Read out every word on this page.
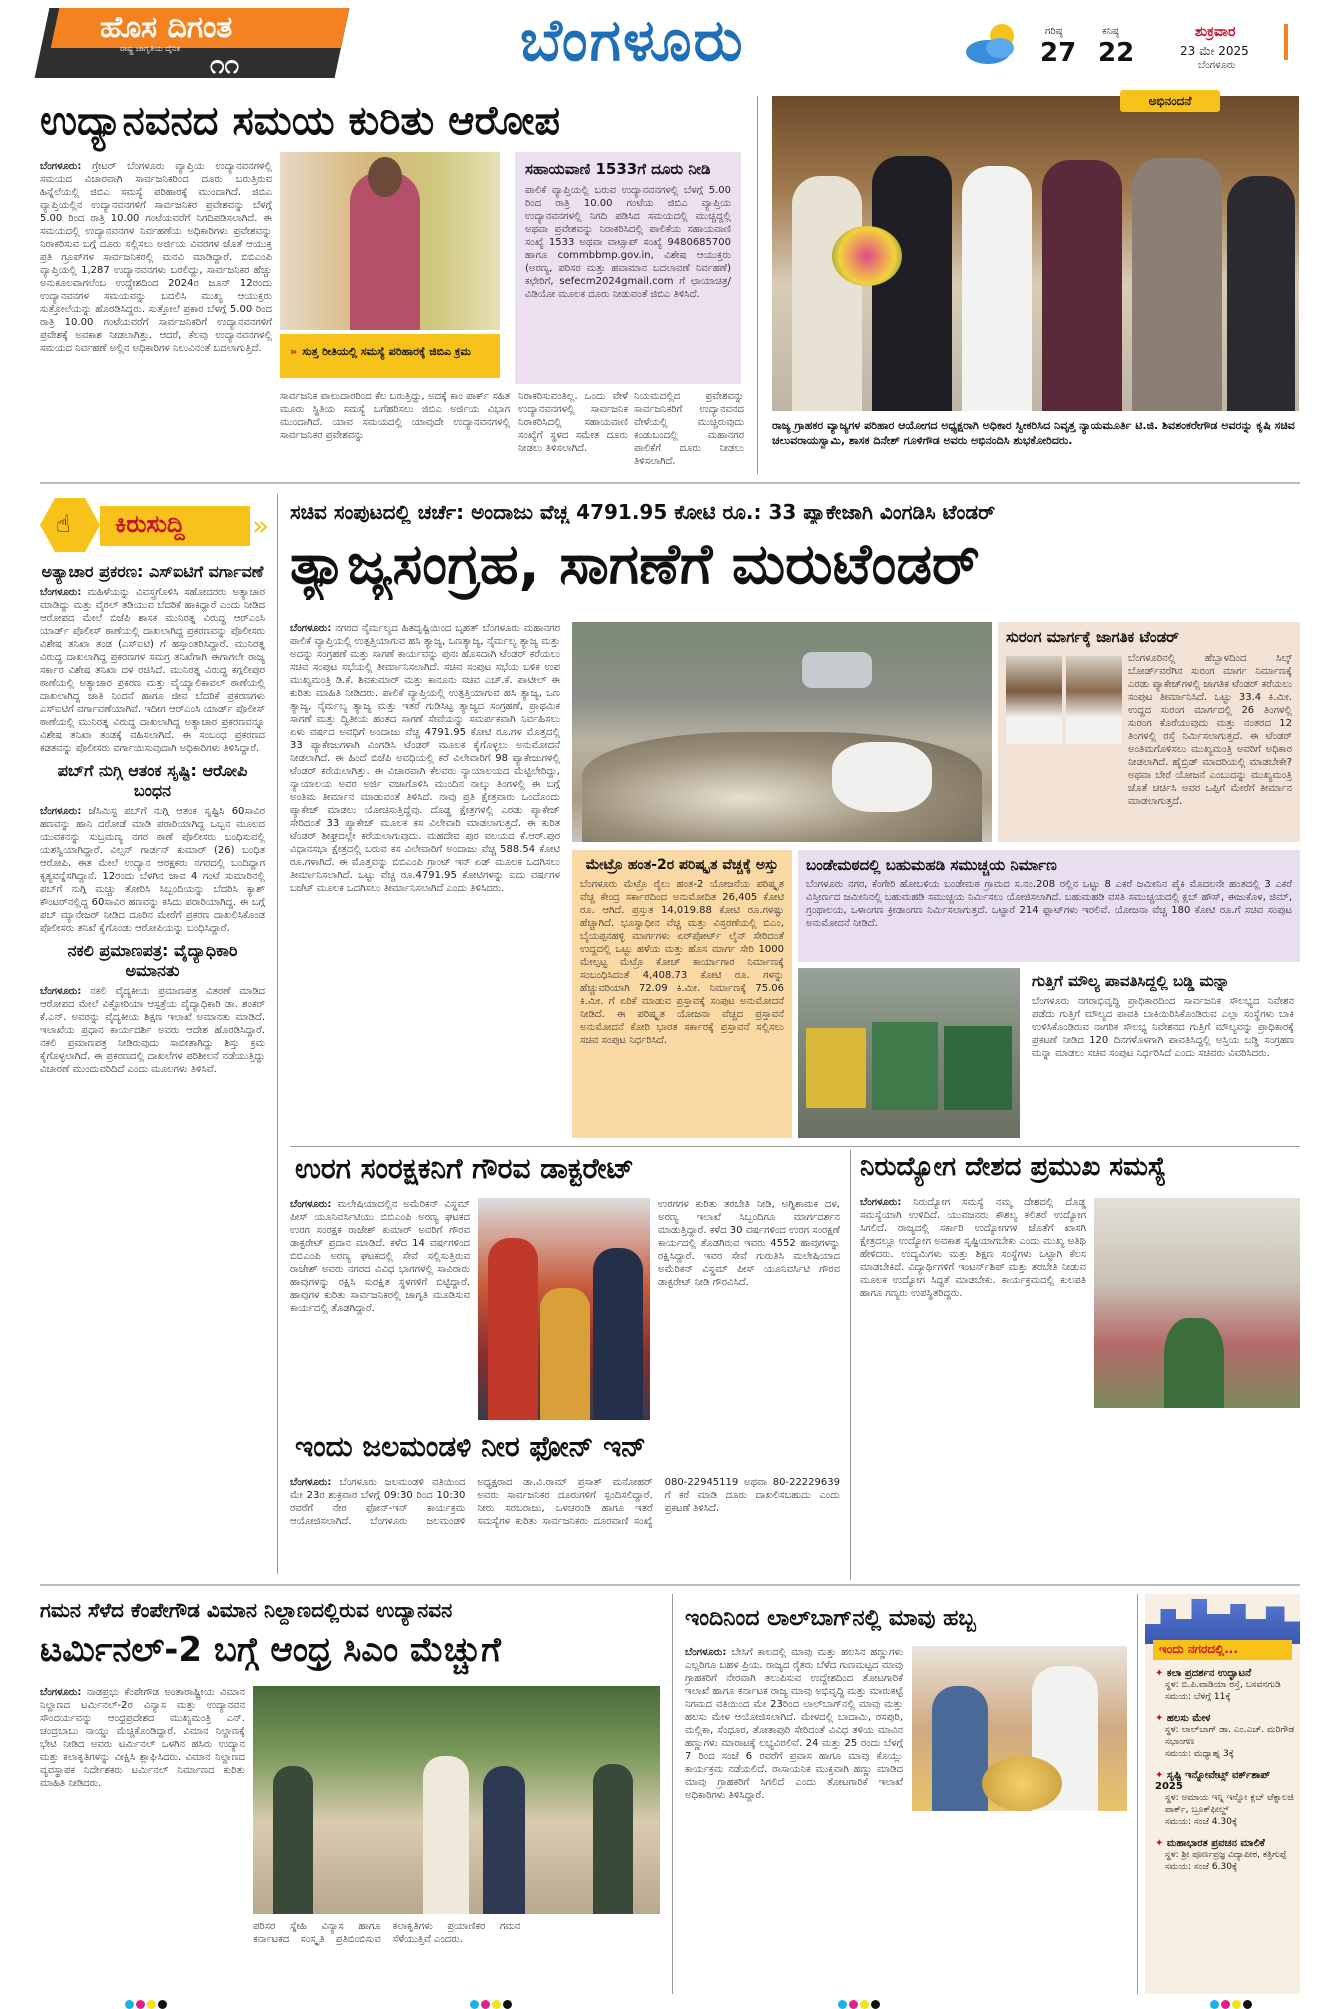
ಹೊಸ ದಿಗಂತ
ರಾಷ್ಟ್ರ ಜಾಗೃತಿಯ ದೈನಿಕ
೧೧	ಬೆಂಗಳೂರು	ಗರಿಷ್ಠ
27
ಕನಿಷ್ಠ
22
ಶುಕ್ರವಾರ
23 ಮೇ 2025
ಬೆಂಗಳೂರು
ಉದ್ಯಾನವನದ ಸಮಯ ಕುರಿತು ಆರೋಪ
ಬೆಂಗಳೂರು: ಗ್ರೇಟರ್ ಬೆಂಗಳೂರು ವ್ಯಾಪ್ತಿಯ ಉದ್ಯಾನವನಗಳಲ್ಲಿ ಸಮಯದ ವಿಚಾರವಾಗಿ ಸಾರ್ವಜನಿಕರಿಂದ ದೂರು ಬರುತ್ತಿರುವ ಹಿನ್ನೆಲೆಯಲ್ಲಿ ಜಿಬಿಎ ಸಮಸ್ಯೆ ಪರಿಹಾರಕ್ಕೆ ಮುಂದಾಗಿದೆ. ಜಿಬಿಎ ವ್ಯಾಪ್ತಿಯಲ್ಲಿನ ಉದ್ಯಾನವನಗಳಿಗೆ ಸಾರ್ವಜನಿಕರ ಪ್ರವೇಶವನ್ನು ಬೆಳಗ್ಗೆ 5.00 ರಿಂದ ರಾತ್ರಿ 10.00 ಗಂಟೆಯವರೆಗೆ ನಿಗದಿಪಡಿಸಲಾಗಿದೆ. ಈ ಸಮಯದಲ್ಲಿ ಉದ್ಯಾನವನಗಳ ನಿರ್ವಹಣೆಯ ಅಧಿಕಾರಿಗಳು ಪ್ರವೇಶವನ್ನು ನಿರಾಕರಿಸುವ ಬಗ್ಗೆ ದೂರು ಸಲ್ಲಿಸಲು ಅರ್ಜಿಯ ವಿವರಗಳ ಜೊತೆ ಆಯುಕ್ತ ಪ್ರತಿ ಗ್ರೂಪ್‌ಗಳ ಸಾರ್ವಜನಿಕರಲ್ಲಿ ಮನವಿ ಮಾಡಿದ್ದಾರೆ. ಬಿಬಿಎಂಪಿ ವ್ಯಾಪ್ತಿಯಲ್ಲಿ 1,287 ಉದ್ಯಾನವನಗಳು ಬರಲಿದ್ದು, ಸಾರ್ವಜನಿಕರ ಹೆಚ್ಚು ಅನುಕೂಲವಾಗಲೆಂಬ ಉದ್ದೇಶದಿಂದ 2024ರ ಜೂನ್ 12ರಂದು ಉದ್ಯಾನವನಗಳ ಸಮಯವನ್ನು ಬದಲಿಸಿ ಮುಖ್ಯ ಆಯುಕ್ತರು ಸುತ್ತೋಲೆಯನ್ನು ಹೊರಡಿಸಿದ್ದರು. ಸುತ್ತೋಲೆ ಪ್ರಕಾರ ಬೆಳಗ್ಗೆ 5.00 ರಿಂದ ರಾತ್ರಿ 10.00 ಗಂಟೆಯವರೆಗೆ ಸಾರ್ವಜನಿಕರಿಗೆ ಉದ್ಯಾನವನಗಳಿಗೆ ಪ್ರವೇಶಕ್ಕೆ ಅವಕಾಶ ನೀಡಲಾಗಿತ್ತು. ಆದರೆ, ಕೆಲವು ಉದ್ಯಾನವನಗಳಲ್ಲಿ ಸಮಯದ ನಿರ್ವಹಣೆ ಅಲ್ಲಿನ ಅಧಿಕಾರಿಗಳ ನಿಲುವಿನಂತೆ ಬದಲಾಗುತ್ತಿದೆ.	» ಸುತ್ತ ರೀತಿಯಲ್ಲಿ ಸಮಸ್ಯೆ ಪರಿಹಾರಕ್ಕೆ ಜಿಬಿಎ ಕ್ರಮ
ಸಹಾಯವಾಣಿ 1533ಗೆ ದೂರು ನೀಡಿ
ಪಾಲಿಕೆ ವ್ಯಾಪ್ತಿಯಲ್ಲಿ ಬರುವ ಉದ್ಯಾನವನಗಳಲ್ಲಿ ಬೆಳಗ್ಗೆ 5.00 ರಿಂದ ರಾತ್ರಿ 10.00 ಗಂಟೆಯ ಜಿಬಿಎ ವ್ಯಾಪ್ತಿಯ ಉದ್ಯಾನವನಗಳಲ್ಲಿ ನಿಗದಿ ಪಡಿಸಿದ ಸಮಯದಲ್ಲಿ ಮುಚ್ಚಿದ್ದಲ್ಲಿ ಅಥವಾ ಪ್ರವೇಶವನ್ನು ನಿರಾಕರಿಸಿದಲ್ಲಿ ಪಾಲಿಕೆಯ ಸಹಾಯವಾಣಿ ಸಂಖ್ಯೆ 1533 ಅಥವಾ ವಾಟ್ಸಾಪ್ ಸಂಖ್ಯೆ 9480685700 ಹಾಗೂ commbbmp.gov.in, ವಿಶೇಷ ಆಯುಕ್ತರು (ಅರಣ್ಯ, ಪರಿಸರ ಮತ್ತು ಹವಾಮಾನ ಬದಲಾವಣೆ ನಿರ್ವಹಣೆ) ಕಛೇರಿಗೆ, sefecm2024gmail.com ಗೆ ಛಾಯಾಚಿತ್ರ/ವಿಡಿಯೋ ಮೂಲಕ ದೂರು ನೀಡುವಂತೆ ಜಿಬಿಎ ತಿಳಿಸಿದೆ.
ಸಾರ್ವಜನಿಕ ಪಾಲುದಾರರಿಂದ ಕೆಲ ಬರುತ್ತಿದ್ದು, ಅದಕ್ಕೆ ಕಾಂ ಪಾರ್ಕ್ ಸಹಿತ ಮೂರು ಸ್ಥಿತಿಯ ಸಮಸ್ಯೆ ಬಗೆಹರಿಸಲು ಜಿಬಿಎ ಅರ್ಜಿಯ ವಿಭಾಗ ಮುಂದಾಗಿದೆ. ಯಾವ ಸಮಯದಲ್ಲಿ ಯಾವುದೇ ಉದ್ಯಾನವನಗಳಲ್ಲಿ ಸಾರ್ವಜನಿಕರ ಪ್ರವೇಶವನ್ನು
ನಿರಾಕರಿಸುವಂತಿಲ್ಲ. ಒಂದು ವೇಳೆ ಉದ್ಯಾನವನಗಳಲ್ಲಿ ಸಾರ್ವಜನಿಕ ನಿರಾಕರಿಸಿದಲ್ಲಿ ಸಹಾಯವಾಣಿ ಸಂಖ್ಯೆಗೆ ಸ್ಥಳದ ಸಮೇತ ದೂರು ನೀಡಲು ತಿಳಿಸಲಾಗಿದೆ.
ನಿಯಮದಲ್ಲಿದ ಪ್ರವೇಶವನ್ನು ಸಾರ್ವಜನಿಕರಿಗೆ ಉದ್ಯಾನವನದ ವೇಳೆಯಲ್ಲಿ ಮುಚ್ಚಿರುವುದು ಕಂಡುಬಂದಲ್ಲಿ ಮಹಾನಗರ ಪಾಲಿಕೆಗೆ ದೂರು ನೀಡಲು ತಿಳಿಸಲಾಗಿದೆ.
ಅಭಿನಂದನೆ
ರಾಜ್ಯ ಗ್ರಾಹಕರ ವ್ಯಾಜ್ಯಗಳ ಪರಿಹಾರ ಆಯೋಗದ ಅಧ್ಯಕ್ಷರಾಗಿ ಅಧಿಕಾರ ಸ್ವೀಕರಿಸಿದ ನಿವೃತ್ತ ನ್ಯಾಯಮೂರ್ತಿ ಟಿ.ಜಿ. ಶಿವಶಂಕರೇಗೌಡ ಅವರನ್ನು ಕೃಷಿ ಸಚಿವ ಚಲುವರಾಯಸ್ವಾಮಿ, ಶಾಸಕ ದಿನೇಶ್ ಗೂಳಿಗೌಡ ಅವರು ಅಭಿನಂದಿಸಿ ಶುಭಕೋರಿದರು.
☝ ಕಿರುಸುದ್ದಿ »
ಅತ್ಯಾಚಾರ ಪ್ರಕರಣ: ಎಸ್‌ಐಟಿಗೆ ವರ್ಗಾವಣೆ
ಬೆಂಗಳೂರು: ಮಹಿಳೆಯನ್ನು ವಿವಸ್ತ್ರಗೊಳಿಸಿ ಸಹೋದರರು ಅತ್ಯಾಚಾರ ಮಾಡಿದ್ದು ಮತ್ತು ವೈರಲ್ ತಡಿಯುವ ಬೆದರಿಕೆ ಹಾಕಿದ್ದಾರೆ ಎಂದು ನೀಡಿದ ಆರೋಪದ ಮೇಲೆ ಬಿಜೆಪಿ ಶಾಸಕ ಮುನಿರತ್ನ ವಿರುದ್ಧ ಆರ್‌ಎಂಸಿ ಯಾರ್ಡ್ ಪೊಲೀಸ್ ಠಾಣೆಯಲ್ಲಿ ದಾಖಲಾಗಿದ್ದ ಪ್ರಕರಣವನ್ನು ಪೊಲೀಸರು ವಿಶೇಷ ತನಿಖಾ ತಂಡ (ಎಸ್‌ಐಟಿ) ಗೆ ಹಸ್ತಾಂತರಿಸಿದ್ದಾರೆ. ಮುನಿರತ್ನ ವಿರುದ್ಧ ದಾಖಲಾಗಿದ್ದ ಪ್ರಕರಣಗಳ ಸಮಗ್ರ ತನಿಖೆಗಾಗಿ ಈಗಾಗಲೇ ರಾಜ್ಯ ಸರ್ಕಾರ ವಿಶೇಷ ತನಿಖಾ ದಳ ರಚಿಸಿದೆ. ಮುನಿರತ್ನ ವಿರುದ್ಧ ಕಗ್ಗಲೀಪುರ ಠಾಣೆಯಲ್ಲಿ ಅತ್ಯಾಚಾರ ಪ್ರಕರಣ ಮತ್ತು ವೈಯ್ಯಾಲಿಕಾವಲ್ ಠಾಣೆಯಲ್ಲಿ ದಾಖಲಾಗಿದ್ದ ಜಾತಿ ನಿಂದನೆ ಹಾಗೂ ಜೀವ ಬೆದರಿಕೆ ಪ್ರಕರಣಗಳು ಎಸ್‌ಐಟಿಗೆ ವರ್ಗಾವಣೆಯಾಗಿವೆ. ಇದೀಗ ಆರ್‌ಎಂಸಿ ಯಾರ್ಡ್ ಪೊಲೀಸ್ ಠಾಣೆಯಲ್ಲಿ ಮುನಿರತ್ನ ವಿರುದ್ಧ ದಾಖಲಾಗಿದ್ದ ಅತ್ಯಾಚಾರ ಪ್ರಕರಣವನ್ನೂ ವಿಶೇಷ ತನಿಖಾ ತಂಡಕ್ಕೆ ವಹಿಸಲಾಗಿದೆ. ಈ ಸಂಬಂಧ ಪ್ರಕರಣದ ಕಡತವನ್ನು ಪೊಲೀಸರು ವರ್ಗಾಯಿಸುವುದಾಗಿ ಅಧಿಕಾರಿಗಳು ತಿಳಿಸಿದ್ದಾರೆ.
ಪಬ್‌ಗೆ ನುಗ್ಗಿ ಆತಂಕ ಸೃಷ್ಟಿ: ಆರೋಪಿ ಬಂಧನ
ಬೆಂಗಳೂರು: ಜೆಸಿಮಿಸ್ಟ ಪಬ್‌ಗೆ ನುಗ್ಗಿ ಆತಂಕ ಸೃಷ್ಟಿಸಿ 60ಸಾವಿರ ಹಣವನ್ನು ಹಾನಿ ದರೋಡೆ ಮಾಡಿ ಪರಾರಿಯಾಗಿದ್ದ ಒಬ್ಬನ ಮೂಲದ ಯುವಕನನ್ನು ಸುಬ್ರಮಣ್ಯ ನಗರ ಠಾಣೆ ಪೊಲೀಸರು ಬಂಧಿಸುವಲ್ಲಿ ಯಶಸ್ವಿಯಾಗಿದ್ದಾರೆ. ವಿಲ್ಸನ್ ಗಾರ್ಡನ್ ಕುಮಾರ್ (26) ಬಂಧಿತ ಆರೋಪಿ. ಈತ ಮೇಲೆ ಉದ್ಯಾನ ಆರಕ್ಷಕರು ನಗರದಲ್ಲಿ ಬಂದಿದ್ದಾಗ ಕೃತ್ಯವನ್ನೆಸಗಿದ್ದಾನೆ. 12ರಂದು ಬೆಳಗಿನ ಜಾವ 4 ಗಂಟೆ ಸುಮಾರಿನಲ್ಲಿ ಪಬ್‌ಗೆ ನುಗ್ಗಿ ಮಚ್ಚು ತೋರಿಸಿ ಸಿಬ್ಬಂದಿಯನ್ನು ಬೆದರಿಸಿ ಕ್ಯಾಶ್ ಕೌಂಟರ್‌ನಲ್ಲಿದ್ದ 60ಸಾವಿರ ಹಣವನ್ನು ಕಸಿದು ಪರಾರಿಯಾಗಿದ್ದ. ಈ ಬಗ್ಗೆ ಪಬ್ ಮ್ಯಾನೇಜರ್ ನೀಡಿದ ದೂರಿನ ಮೇರೆಗೆ ಪ್ರಕರಣ ದಾಖಲಿಸಿಕೊಂಡ ಪೊಲೀಸರು ತನಿಖೆ ಕೈಗೊಂಡು ಆರೋಪಿಯನ್ನು ಬಂಧಿಸಿದ್ದಾರೆ.
ನಕಲಿ ಪ್ರಮಾಣಪತ್ರ: ವೈದ್ಯಾಧಿಕಾರಿ ಅಮಾನತು
ಬೆಂಗಳೂರು: ನಕಲಿ ವೈದ್ಯಕೀಯ ಪ್ರಮಾಣಪತ್ರ ವಿತರಣೆ ಮಾಡಿದ ಆರೋಪದ ಮೇಲೆ ವಿಕ್ಟೋರಿಯಾ ಆಸ್ಪತ್ರೆಯ ವೈದ್ಯಾಧಿಕಾರಿ ಡಾ. ಶಂಕರ್ ಕೆ.ಎನ್. ಅವರನ್ನು ವೈದ್ಯಕೀಯ ಶಿಕ್ಷಣ ಇಲಾಖೆ ಅಮಾನತು ಮಾಡಿದೆ. ಇಲಾಖೆಯ ಪ್ರಧಾನ ಕಾರ್ಯದರ್ಶಿ ಅವರು ಆದೇಶ ಹೊರಡಿಸಿದ್ದಾರೆ. ನಕಲಿ ಪ್ರಮಾಣಪತ್ರ ನೀಡಿರುವುದು ಸಾಬೀತಾಗಿದ್ದು ಶಿಸ್ತು ಕ್ರಮ ಕೈಗೊಳ್ಳಲಾಗಿದೆ. ಈ ಪ್ರಕರಣದಲ್ಲಿ ದಾಖಲೆಗಳ ಪರಿಶೀಲನೆ ನಡೆಯುತ್ತಿದ್ದು ವಿಚಾರಣೆ ಮುಂದುವರಿದಿದೆ ಎಂದು ಮೂಲಗಳು ತಿಳಿಸಿವೆ.
ಸಚಿವ ಸಂಪುಟದಲ್ಲಿ ಚರ್ಚೆ: ಅಂದಾಜು ವೆಚ್ಚ 4791.95 ಕೋಟಿ ರೂ.: 33 ಪ್ಯಾಕೇಜಾಗಿ ವಿಂಗಡಿಸಿ ಟೆಂಡರ್
ತ್ಯಾಜ್ಯಸಂಗ್ರಹ, ಸಾಗಣೆಗೆ ಮರುಟೆಂಡರ್
ಬೆಂಗಳೂರು: ನಗರದ ನೈರ್ಮಲ್ಯದ ಹಿತದೃಷ್ಟಿಯಿಂದ ಬೃಹತ್ ಬೆಂಗಳೂರು ಮಹಾನಗರ ಪಾಲಿಕೆ ವ್ಯಾಪ್ತಿಯಲ್ಲಿ ಉತ್ಪತ್ತಿಯಾಗುವ ಹಸಿ ತ್ಯಾಜ್ಯ, ಒಣತ್ಯಾಜ್ಯ, ನೈರ್ಮಲ್ಯ ತ್ಯಾಜ್ಯ ಮತ್ತು ಅದನ್ನು ಸಂಗ್ರಹಣೆ ಮತ್ತು ಸಾಗಣೆ ಕಾರ್ಯವನ್ನು ಪುನಃ ಹೊಸದಾಗಿ ಟೆಂಡರ್ ಕರೆಯಲು ಸಚಿವ ಸಂಪುಟ ಸಭೆಯಲ್ಲಿ ತೀರ್ಮಾನಿಸಲಾಗಿದೆ. ಸಚಿವ ಸಂಪುಟ ಸಭೆಯ ಬಳಿಕ ಉಪ ಮುಖ್ಯಮಂತ್ರಿ ಡಿ.ಕೆ. ಶಿವಕುಮಾರ್ ಮತ್ತು ಕಾನೂನು ಸಚಿವ ಎಚ್.ಕೆ. ಪಾಟೀಲ್ ಈ ಕುರಿತು ಮಾಹಿತಿ ನೀಡಿದರು. ಪಾಲಿಕೆ ವ್ಯಾಪ್ತಿಯಲ್ಲಿ ಉತ್ಪತ್ತಿಯಾಗುವ ಹಸಿ ತ್ಯಾಜ್ಯ, ಒಣ ತ್ಯಾಜ್ಯ, ನೈರ್ಮಲ್ಯ ತ್ಯಾಜ್ಯ ಮತ್ತು ಇತರೆ ಗುಡಿಸಿಟ್ಟ ತ್ಯಾಜ್ಯದ ಸಂಗ್ರಹಣೆ, ಪ್ರಾಥಮಿಕ ಸಾಗಣೆ ಮತ್ತು ದ್ವಿತೀಯ ಹಂತದ ಸಾಗಣೆ ಸೇವೆಯನ್ನು ಸಮರ್ಪಕವಾಗಿ ನಿರ್ವಹಿಸಲು ಏಳು ವರ್ಷದ ಅವಧಿಗೆ ಅಂದಾಜು ವೆಚ್ಚ 4791.95 ಕೋಟಿ ರೂ.ಗಳ ಮೊತ್ತದಲ್ಲಿ 33 ಪ್ಯಾಕೇಜುಗಳಾಗಿ ವಿಂಗಡಿಸಿ ಟೆಂಡರ್ ಮೂಲಕ ಕೈಗೊಳ್ಳಲು ಅನುಮೋದನೆ ನೀಡಲಾಗಿದೆ. ಈ ಹಿಂದೆ ಬಿಜೆಪಿ ಅವಧಿಯಲ್ಲಿ ಕರೆ ವಿಲೇವಾರಿಗೆ 98 ಪ್ಯಾಕೇಜುಗಳಲ್ಲಿ ಟೆಂಡರ್ ಕರೆಯಲಾಗಿತ್ತು. ಈ ವಿಚಾರವಾಗಿ ಕೆಲವರು ನ್ಯಾಯಾಲಯದ ಮೆಟ್ಟಿಲೇರಿದ್ದು, ನ್ಯಾಯಾಲಯ ಅವರ ಅರ್ಜಿ ವಜಾಗೊಳಿಸಿ ಮುಂದಿನ ನಾಲ್ಕು ತಿಂಗಳಲ್ಲಿ ಈ ಬಗ್ಗೆ ಅಂತಿಮ ತೀರ್ಮಾನ ಮಾಡುವಂತೆ ತಿಳಿಸಿದೆ. ನಾವು ಪ್ರತಿ ಕ್ಷೇತ್ರವಾರು ಒಂದೊಂದು ಪ್ಯಾಕೇಜ್ ಮಾಡಲು ಯೋಚಿಸುತ್ತಿದ್ದೆವು. ದೊಡ್ಡ ಕ್ಷೇತ್ರಗಳಲ್ಲಿ ಎರಡು ಪ್ಯಾಕೇಜ್ ಸೇರಿದಂತೆ 33 ಪ್ಯಾಕೇಜ್ ಮೂಲಕ ಕಸ ವಿಲೇವಾರಿ ಮಾಡಲಾಗುತ್ತದೆ. ಈ ಕುರಿತ ಟೆಂಡರ್ ಶೀಘ್ರದಲ್ಲೇ ಕರೆಯಲಾಗುವುದು. ಮಹದೇವ ಪುರ ವಲಯದ ಕೆ.ಆರ್.ಪುರ ವಿಧಾನಸಭಾ ಕ್ಷೇತ್ರದಲ್ಲಿ ಬರುವ ಕಸ ವಿಲೇವಾರಿಗೆ ಅಂದಾಜು ವೆಚ್ಚ 588.54 ಕೋಟಿ ರೂ.ಗಳಾಗಿದೆ. ಈ ಮೊತ್ತವನ್ನು ಬಿಬಿಎಂಪಿ ಗ್ರಾಂಟ್ ಇನ್ ಏಡ್ ಮೂಲಕ ಒದಗಿಸಲು ತೀರ್ಮಾನಿಸಲಾಗಿದೆ. ಒಟ್ಟು ವೆಚ್ಚ ರೂ.4791.95 ಕೋಟಿಗಳನ್ನು ಐದು ವರ್ಷಗಳ ಬಜೆಟ್ ಮೂಲಕ ಒದಗಿಸಲು ತೀರ್ಮಾನಿಸಲಾಗಿದೆ ಎಂದು ತಿಳಿಸಿದರು.
ಸುರಂಗ ಮಾರ್ಗಕ್ಕೆ ಜಾಗತಿಕ ಟೆಂಡರ್
ಬೆಂಗಳೂರಿನಲ್ಲಿ ಹೆಬ್ಬಾಳದಿಂದ ಸಿಲ್ಕ್ ಬೋರ್ಡ್‌ವರೆಗಿನ ಸುರಂಗ ಮಾರ್ಗ ನಿರ್ಮಾಣಕ್ಕೆ ಎರಡು ಪ್ಯಾಕೇಜ್‌ಗಳಲ್ಲಿ ಜಾಗತಿಕ ಟೆಂಡರ್ ಕರೆಯಲು ಸಂಪುಟ ತೀರ್ಮಾನಿಸಿದೆ. ಒಟ್ಟು 33.4 ಕಿ.ಮೀ. ಉದ್ದದ ಸುರಂಗ ಮಾರ್ಗದಲ್ಲಿ 26 ತಿಂಗಳಲ್ಲಿ ಸುರಂಗ ಕೊರೆಯುವುದು ಮತ್ತು ನಂತರದ 12 ತಿಂಗಳಲ್ಲಿ ರಸ್ತೆ ನಿರ್ಮಿಸಲಾಗುತ್ತದೆ. ಈ ಟೆಂಡರ್ ಅಂತಿಮಗೊಳಿಸಲು ಮುಖ್ಯಮಂತ್ರಿ ಅವರಿಗೆ ಅಧಿಕಾರ ನೀಡಲಾಗಿದೆ. ಹೈಬ್ರಿಡ್ ಮಾದರಿಯಲ್ಲಿ ಮಾಡಬೇಕೇ? ಅಥವಾ ಬೇರೆ ಯೋಜನೆ ಎಂಬುದನ್ನು ಮುಖ್ಯಮಂತ್ರಿ ಜೊತೆ ಚರ್ಚಿಸಿ ಅವರ ಒಪ್ಪಿಗೆ ಮೇರೆಗೆ ತೀರ್ಮಾನ ಮಾಡಲಾಗುತ್ತದೆ.
ಮೇಟ್ರೊ ಹಂತ-2ರ ಪರಿಷ್ಕೃತ ವೆಚ್ಚಕ್ಕೆ ಅಸ್ತು
ಬೆಂಗಳೂರು ಮೆಟ್ರೊ ರೈಲು ಹಂತ-2 ಯೋಜನೆಯ ಪರಿಷ್ಕೃತ ವೆಚ್ಚ ಕೇಂದ್ರ ಸರ್ಕಾರದಿಂದ ಅನುಮೋದಿತ 26,405 ಕೋಟಿ ರೂ. ಆಗಿದೆ. ಪ್ರಸ್ತುತ 14,019.88 ಕೋಟಿ ರೂ.ಗಳಷ್ಟು ಹೆಚ್ಚಾಗಿದೆ. ಭೂಸ್ವಾಧೀನ ವೆಚ್ಚ ಮತ್ತು ವಿಸ್ತರಣೆಯಲ್ಲಿ ಬಿಎಂ, ಬೈಯಪ್ಪನಹಳ್ಳಿ ಮಾರ್ಗಗಳು ಏರ್‌ಪೋರ್ಟ್ ಲೈನ್ ಸೇರಿದಂತೆ ಉದ್ದದಲ್ಲಿ ಒಟ್ಟು ಹಳೆಯ ಮತ್ತು ಹೊಸ ಮಾರ್ಗ ಸೇರಿ 1000 ಮೇಲ್ಪಟ್ಟ ಮೆಟ್ರೊ ಕೋಚ್ ಕಾರ್ಯಾಗಾರ ನಿರ್ಮಾಣಕ್ಕೆ ಸಂಬಂಧಿಸಿದಂತೆ 4,408.73 ಕೋಟಿ ರೂ. ಗಳನ್ನು ಹೆಚ್ಚುವರಿಯಾಗಿ 72.09 ಕಿ.ಮೀ. ನಿರ್ಮಾಣಕ್ಕೆ 75.06 ಕಿ.ಮೀ. ಗೆ ಏರಿಕೆ ಮಾಡುವ ಪ್ರಸ್ತಾವಕ್ಕೆ ಸಂಪುಟ ಅನುಮೋದನೆ ನೀಡಿದೆ. ಈ ಪರಿಷ್ಕೃತ ಯೋಜನಾ ವೆಚ್ಚದ ಪ್ರಸ್ತಾವನೆ ಅನುಮೋದನೆ ಕೋರಿ ಭಾರತ ಸರ್ಕಾರಕ್ಕೆ ಪ್ರಸ್ತಾವನೆ ಸಲ್ಲಿಸಲು ಸಚಿವ ಸಂಪುಟ ನಿರ್ಧರಿಸಿದೆ.
ಬಂಡೇಮಠದಲ್ಲಿ ಬಹುಮಹಡಿ ಸಮುಚ್ಚಯ ನಿರ್ಮಾಣ
ಬೆಂಗಳೂರು ನಗರ, ಕೆಂಗೇರಿ ಹೋಬಳಿಯ ಬಂಡೇಮಠ ಗ್ರಾಮದ ಸ.ನಂ.208 ರಲ್ಲಿನ ಒಟ್ಟು 8 ಎಕರೆ ಜಮೀನಿನ ಪೈಕಿ ಮೊದಲನೇ ಹಂತದಲ್ಲಿ 3 ಎಕರೆ ವಿಸ್ತೀರ್ಣದ ಜಮೀನಿನಲ್ಲಿ ಬಹುಮಹಡಿ ಸಮುಚ್ಚಯ ನಿರ್ಮಿಸಲು ಯೋಜಿಸಲಾಗಿದೆ. ಬಹುಮಹಡಿ ವಸತಿ ಸಮುಚ್ಚಯದಲ್ಲಿ ಕ್ಲಬ್ ಹೌಸ್, ಈಜುಕೊಳ, ಜಿಮ್, ಗ್ರಂಥಾಲಯ, ಒಳಾಂಗಣ ಕ್ರೀಡಾಂಗಣ ನಿರ್ಮಿಸಲಾಗುತ್ತದೆ. ಒಟ್ಟಾರೆ 214 ಫ್ಲಾಟ್‌ಗಳು ಇರಲಿವೆ. ಯೋಜನಾ ವೆಚ್ಚ 180 ಕೋಟಿ ರೂ.ಗೆ ಸಚಿವ ಸಂಪುಟ ಅನುಮೋದನೆ ನೀಡಿದೆ.
ಗುತ್ತಿಗೆ ಮೌಲ್ಯ ಪಾವತಿಸಿದ್ದಲ್ಲಿ ಬಡ್ಡಿ ಮನ್ನಾ
ಬೆಂಗಳೂರು ನಗರಾಭಿವೃದ್ಧಿ ಪ್ರಾಧಿಕಾರದಿಂದ ಸಾರ್ವಜನಿಕ ಸೌಲಭ್ಯದ ನಿವೇಶನ ಪಡೆದು ಗುತ್ತಿಗೆ ಮೌಲ್ಯದ ಪಾವತಿ ಬಾಕಿಯಿರಿಸಿಕೊಂಡಿರುವ ಎಲ್ಲಾ ಸಂಸ್ಥೆಗಳು ಬಾಕಿ ಉಳಿಸಿಕೊಂಡಿರುವ ನಾಗರಿಕ ಸೌಲಭ್ಯ ನಿವೇಶನದ ಗುತ್ತಿಗೆ ಮೌಲ್ಯವನ್ನು ಪ್ರಾಧಿಕಾರಕ್ಕೆ ಪ್ರಕಟಣೆ ನೀಡಿದ 120 ದಿನಗಳೊಳಗಾಗಿ ಪಾವತಿಸಿದ್ದಲ್ಲಿ ಅಸ್ತಿಯ ಬಡ್ಡಿ ಸಂಗ್ರಹಣ ಮನ್ನಾ ಮಾಡಲು ಸಚಿವ ಸಂಪುಟ ನಿರ್ಧರಿಸಿದೆ ಎಂದು ಸಚಿವರು ವಿವರಿಸಿದರು.
ಉರಗ ಸಂರಕ್ಷಕನಿಗೆ ಗೌರವ ಡಾಕ್ಟರೇಟ್
ಬೆಂಗಳೂರು: ಮಲೇಷಿಯಾದಲ್ಲಿನ ಅಮೆರಿಕನ್ ವಿಸ್ಡಮ್ ಪೀಸ್ ಯೂನಿವರ್ಸಿಟಿಯು ಬಿಬಿಎಂಪಿ ಅರಣ್ಯ ಘಟಕದ ಉರಗ ಸಂರಕ್ಷಕ ರಾಜೇಶ್ ಕುಮಾರ್ ಅವರಿಗೆ ಗೌರವ ಡಾಕ್ಟರೇಟ್ ಪ್ರದಾನ ಮಾಡಿದೆ. ಕಳೆದ 14 ವರ್ಷಗಳಿಂದ ಬಿಬಿಎಂಪಿ ಅರಣ್ಯ ಘಟಕದಲ್ಲಿ ಸೇವೆ ಸಲ್ಲಿಸುತ್ತಿರುವ ರಾಜೇಶ್ ಅವರು ನಗರದ ವಿವಿಧ ಭಾಗಗಳಲ್ಲಿ ಸಾವಿರಾರು ಹಾವುಗಳನ್ನು ರಕ್ಷಿಸಿ ಸುರಕ್ಷಿತ ಸ್ಥಳಗಳಿಗೆ ಬಿಟ್ಟಿದ್ದಾರೆ. ಹಾವುಗಳ ಕುರಿತು ಸಾರ್ವಜನಿಕರಲ್ಲಿ ಜಾಗೃತಿ ಮೂಡಿಸುವ ಕಾರ್ಯದಲ್ಲಿ ತೊಡಗಿದ್ದಾರೆ.
ಉರಗಗಳ ಕುರಿತು ತರಬೇತಿ ನೀಡಿ, ಅಗ್ನಿಶಾಮಕ ದಳ, ಅರಣ್ಯ ಇಲಾಖೆ ಸಿಬ್ಬಂದಿಗೂ ಮಾರ್ಗದರ್ಶನ ಮಾಡುತ್ತಿದ್ದಾರೆ. ಕಳೆದ 30 ವರ್ಷಗಳಿಂದ ಉರಗ ಸಂರಕ್ಷಣೆ ಕಾರ್ಯದಲ್ಲಿ ತೊಡಗಿರುವ ಇವರು 4552 ಹಾವುಗಳನ್ನು ರಕ್ಷಿಸಿದ್ದಾರೆ. ಇವರ ಸೇವೆ ಗುರುತಿಸಿ ಮಲೇಷಿಯಾದ ಅಮೆರಿಕನ್ ವಿಸ್ಡಮ್ ಪೀಸ್ ಯೂನಿವರ್ಸಿಟಿ ಗೌರವ ಡಾಕ್ಟರೇಟ್ ನೀಡಿ ಗೌರವಿಸಿದೆ.
ನಿರುದ್ಯೋಗ ದೇಶದ ಪ್ರಮುಖ ಸಮಸ್ಯೆ
ಬೆಂಗಳೂರು: ನಿರುದ್ಯೋಗ ಸಮಸ್ಯೆ ನಮ್ಮ ದೇಶದಲ್ಲಿ ದೊಡ್ಡ ಸಮಸ್ಯೆಯಾಗಿ ಉಳಿದಿದೆ. ಯುವಜನರು ಕೌಶಲ್ಯ ಕಲಿತರೆ ಉದ್ಯೋಗ ಸಿಗಲಿದೆ. ರಾಜ್ಯದಲ್ಲಿ ಸರ್ಕಾರಿ ಉದ್ಯೋಗಗಳ ಜೊತೆಗೆ ಖಾಸಗಿ ಕ್ಷೇತ್ರದಲ್ಲೂ ಉದ್ಯೋಗ ಅವಕಾಶ ಸೃಷ್ಟಿಯಾಗಬೇಕು ಎಂದು ಮುಖ್ಯ ಅತಿಥಿ ಹೇಳಿದರು. ಉದ್ಯಮಿಗಳು ಮತ್ತು ಶಿಕ್ಷಣ ಸಂಸ್ಥೆಗಳು ಒಟ್ಟಾಗಿ ಕೆಲಸ ಮಾಡಬೇಕಿದೆ. ವಿದ್ಯಾರ್ಥಿಗಳಿಗೆ ಇಂಟರ್ನ್‌ಶಿಪ್ ಮತ್ತು ತರಬೇತಿ ನೀಡುವ ಮೂಲಕ ಉದ್ಯೋಗ ಸಿದ್ಧತೆ ಮಾಡಬೇಕು. ಕಾರ್ಯಕ್ರಮದಲ್ಲಿ ಕುಲಪತಿ ಹಾಗೂ ಗಣ್ಯರು ಉಪಸ್ಥಿತರಿದ್ದರು.
ಇಂದು ಜಲಮಂಡಳಿ ನೀರ ಫೋನ್ ಇನ್
ಬೆಂಗಳೂರು: ಬೆಂಗಳೂರು ಜಲಮಂಡಳಿ ವತಿಯಿಂದ ಮೇ 23ರ ಶುಕ್ರವಾರ ಬೆಳಗ್ಗೆ 09:30 ರಿಂದ 10:30 ರವರೆಗೆ ನೇರ ಫೋನ್-ಇನ್ ಕಾರ್ಯಕ್ರಮ ಆಯೋಜಿಸಲಾಗಿದೆ. ಬೆಂಗಳೂರು ಜಲಮಂಡಳಿ ಅಧ್ಯಕ್ಷರಾದ ಡಾ.ವಿ.ರಾಮ್ ಪ್ರಸಾತ್ ಮನೋಹರ್ ಅವರು ಸಾರ್ವಜನಿಕರ ದೂರುಗಳಿಗೆ ಸ್ಪಂದಿಸಲಿದ್ದಾರೆ. ನೀರು ಸರಬರಾಜು, ಒಳಚರಂಡಿ ಹಾಗೂ ಇತರೆ ಸಮಸ್ಯೆಗಳ ಕುರಿತು ಸಾರ್ವಜನಿಕರು ದೂರವಾಣಿ ಸಂಖ್ಯೆ 080-22945119 ಅಥವಾ 80-22229639 ಗೆ ಕರೆ ಮಾಡಿ ದೂರು ದಾಖಲಿಸಬಹುದು ಎಂದು ಪ್ರಕಟಣೆ ತಿಳಿಸಿದೆ.
ಗಮನ ಸೆಳೆದ ಕೆಂಪೇಗೌಡ ವಿಮಾನ ನಿಲ್ದಾಣದಲ್ಲಿರುವ ಉದ್ಯಾನವನ
ಟರ್ಮಿನಲ್-2 ಬಗ್ಗೆ ಆಂಧ್ರ ಸಿಎಂ ಮೆಚ್ಚುಗೆ
ಬೆಂಗಳೂರು: ನಾಡಪ್ರಭು ಕೆಂಪೇಗೌಡ ಅಂತಾರಾಷ್ಟ್ರೀಯ ವಿಮಾನ ನಿಲ್ದಾಣದ ಟರ್ಮಿನಲ್-2ರ ವಿನ್ಯಾಸ ಮತ್ತು ಉದ್ಯಾನವನ ಸೌಂದರ್ಯವನ್ನು ಆಂಧ್ರಪ್ರದೇಶದ ಮುಖ್ಯಮಂತ್ರಿ ಎನ್. ಚಂದ್ರಬಾಬು ನಾಯ್ಡು ಮೆಚ್ಚಿಕೊಂಡಿದ್ದಾರೆ. ವಿಮಾನ ನಿಲ್ದಾಣಕ್ಕೆ ಭೇಟಿ ನೀಡಿದ ಅವರು ಟರ್ಮಿನಲ್ ಒಳಗಿನ ಹಸಿರು ಉದ್ಯಾನ ಮತ್ತು ಕಲಾಕೃತಿಗಳನ್ನು ವೀಕ್ಷಿಸಿ ಶ್ಲಾಘಿಸಿದರು. ವಿಮಾನ ನಿಲ್ದಾಣದ ವ್ಯವಸ್ಥಾಪಕ ನಿರ್ದೇಶಕರು ಟರ್ಮಿನಲ್ ನಿರ್ಮಾಣದ ಕುರಿತು ಮಾಹಿತಿ ನೀಡಿದರು.
ಪರಿಸರ ಸ್ನೇಹಿ ವಿನ್ಯಾಸ ಹಾಗೂ ಕರ್ನಾಟಕದ ಸಂಸ್ಕೃತಿ ಪ್ರತಿಬಿಂಬಿಸುವ ಕಲಾಕೃತಿಗಳು ಪ್ರಯಾಣಿಕರ ಗಮನ ಸೆಳೆಯುತ್ತಿವೆ ಎಂದರು.
ಇಂದಿನಿಂದ ಲಾಲ್‌ಬಾಗ್‌ನಲ್ಲಿ ಮಾವು ಹಬ್ಬ
ಬೆಂಗಳೂರು: ಬೇಸಿಗೆ ಕಾಲದಲ್ಲಿ ಮಾವು ಮತ್ತು ಹಲಸಿನ ಹಣ್ಣುಗಳು ಎಲ್ಲರಿಗೂ ಬಹಳ ಪ್ರಿಯ. ರಾಜ್ಯದ ರೈತರು ಬೆಳೆದ ಗುಣಮಟ್ಟದ ಮಾವು ಗ್ರಾಹಕರಿಗೆ ನೇರವಾಗಿ ತಲುಪಿಸುವ ಉದ್ದೇಶದಿಂದ ತೋಟಗಾರಿಕೆ ಇಲಾಖೆ ಹಾಗೂ ಕರ್ನಾಟಕ ರಾಜ್ಯ ಮಾವು ಅಭಿವೃದ್ಧಿ ಮತ್ತು ಮಾರುಕಟ್ಟೆ ನಿಗಮದ ವತಿಯಿಂದ ಮೇ 23ರಿಂದ ಲಾಲ್‌ಬಾಗ್‌ನಲ್ಲಿ ಮಾವು ಮತ್ತು ಹಲಸು ಮೇಳ ಆಯೋಜಿಸಲಾಗಿದೆ. ಮೇಳದಲ್ಲಿ ಬಾದಾಮಿ, ರಸಪುರಿ, ಮಲ್ಲಿಕಾ, ಸೆಂಧೂರ, ತೋತಾಪುರಿ ಸೇರಿದಂತೆ ವಿವಿಧ ತಳಿಯ ಮಾವಿನ ಹಣ್ಣುಗಳು ಮಾರಾಟಕ್ಕೆ ಲಭ್ಯವಿರಲಿವೆ. 24 ಮತ್ತು 25 ರಂದು ಬೆಳಗ್ಗೆ 7 ರಿಂದ ಸಂಜೆ 6 ರವರೆಗೆ ಪ್ರವಾಸ ಹಾಗೂ ಮಾವು ಕೊಯ್ಲು ಕಾರ್ಯಕ್ರಮ ನಡೆಯಲಿದೆ. ರಾಸಾಯನಿಕ ಮುಕ್ತವಾಗಿ ಹಣ್ಣು ಮಾಡಿದ ಮಾವು ಗ್ರಾಹಕರಿಗೆ ಸಿಗಲಿದೆ ಎಂದು ತೋಟಗಾರಿಕೆ ಇಲಾಖೆ ಅಧಿಕಾರಿಗಳು ತಿಳಿಸಿದ್ದಾರೆ.
ಇಂದು ನಗರದಲ್ಲಿ...
✦ ಕಲಾ ಪ್ರದರ್ಶನ ಉದ್ಘಾಟನೆ
ಸ್ಥಳ: ಬಿ.ಪಿ.ವಾಡಿಯಾ ರಸ್ತೆ, ಬಸವನಗುಡಿ
ಸಮಯ: ಬೆಳಗ್ಗೆ 11ಕ್ಕೆ
✦ ಹಲಸು ಮೇಳ
ಸ್ಥಳ: ಲಾಲ್‌ಬಾಗ್ ಡಾ. ಎಂ.ಎಚ್. ಮರಿಗೌಡ ಸಭಾಂಗಣ
ಸಮಯ: ಮಧ್ಯಾಹ್ನ 3ಕ್ಕೆ
✦ ಸೃಷ್ಟಿ ಇನ್ನೋವೇಟ್ಸ್ ವರ್ಕ್‌ಶಾಪ್ 2025
ಸ್ಥಳ: ಅಮಾಯ ಇನ್ನಿ ಇನ್ನೋ ಕ್ಲಬ್ ಟೆಕ್ನಾಲಜಿ ಪಾರ್ಕ್, ಬ್ರೂಕ್‌ಫೀಲ್ಡ್
ಸಮಯ: ಸಂಜೆ 4.30ಕ್ಕೆ
✦ ಮಹಾಭಾರತ ಪ್ರವಚನ ಮಾಲಿಕೆ
ಸ್ಥಳ: ಶ್ರೀ ಪೂರ್ಣಪ್ರಜ್ಞ ವಿದ್ಯಾಪೀಠ, ಕತ್ರಿಗುಪ್ಪೆ
ಸಮಯ: ಸಂಜೆ 6.30ಕ್ಕೆ
